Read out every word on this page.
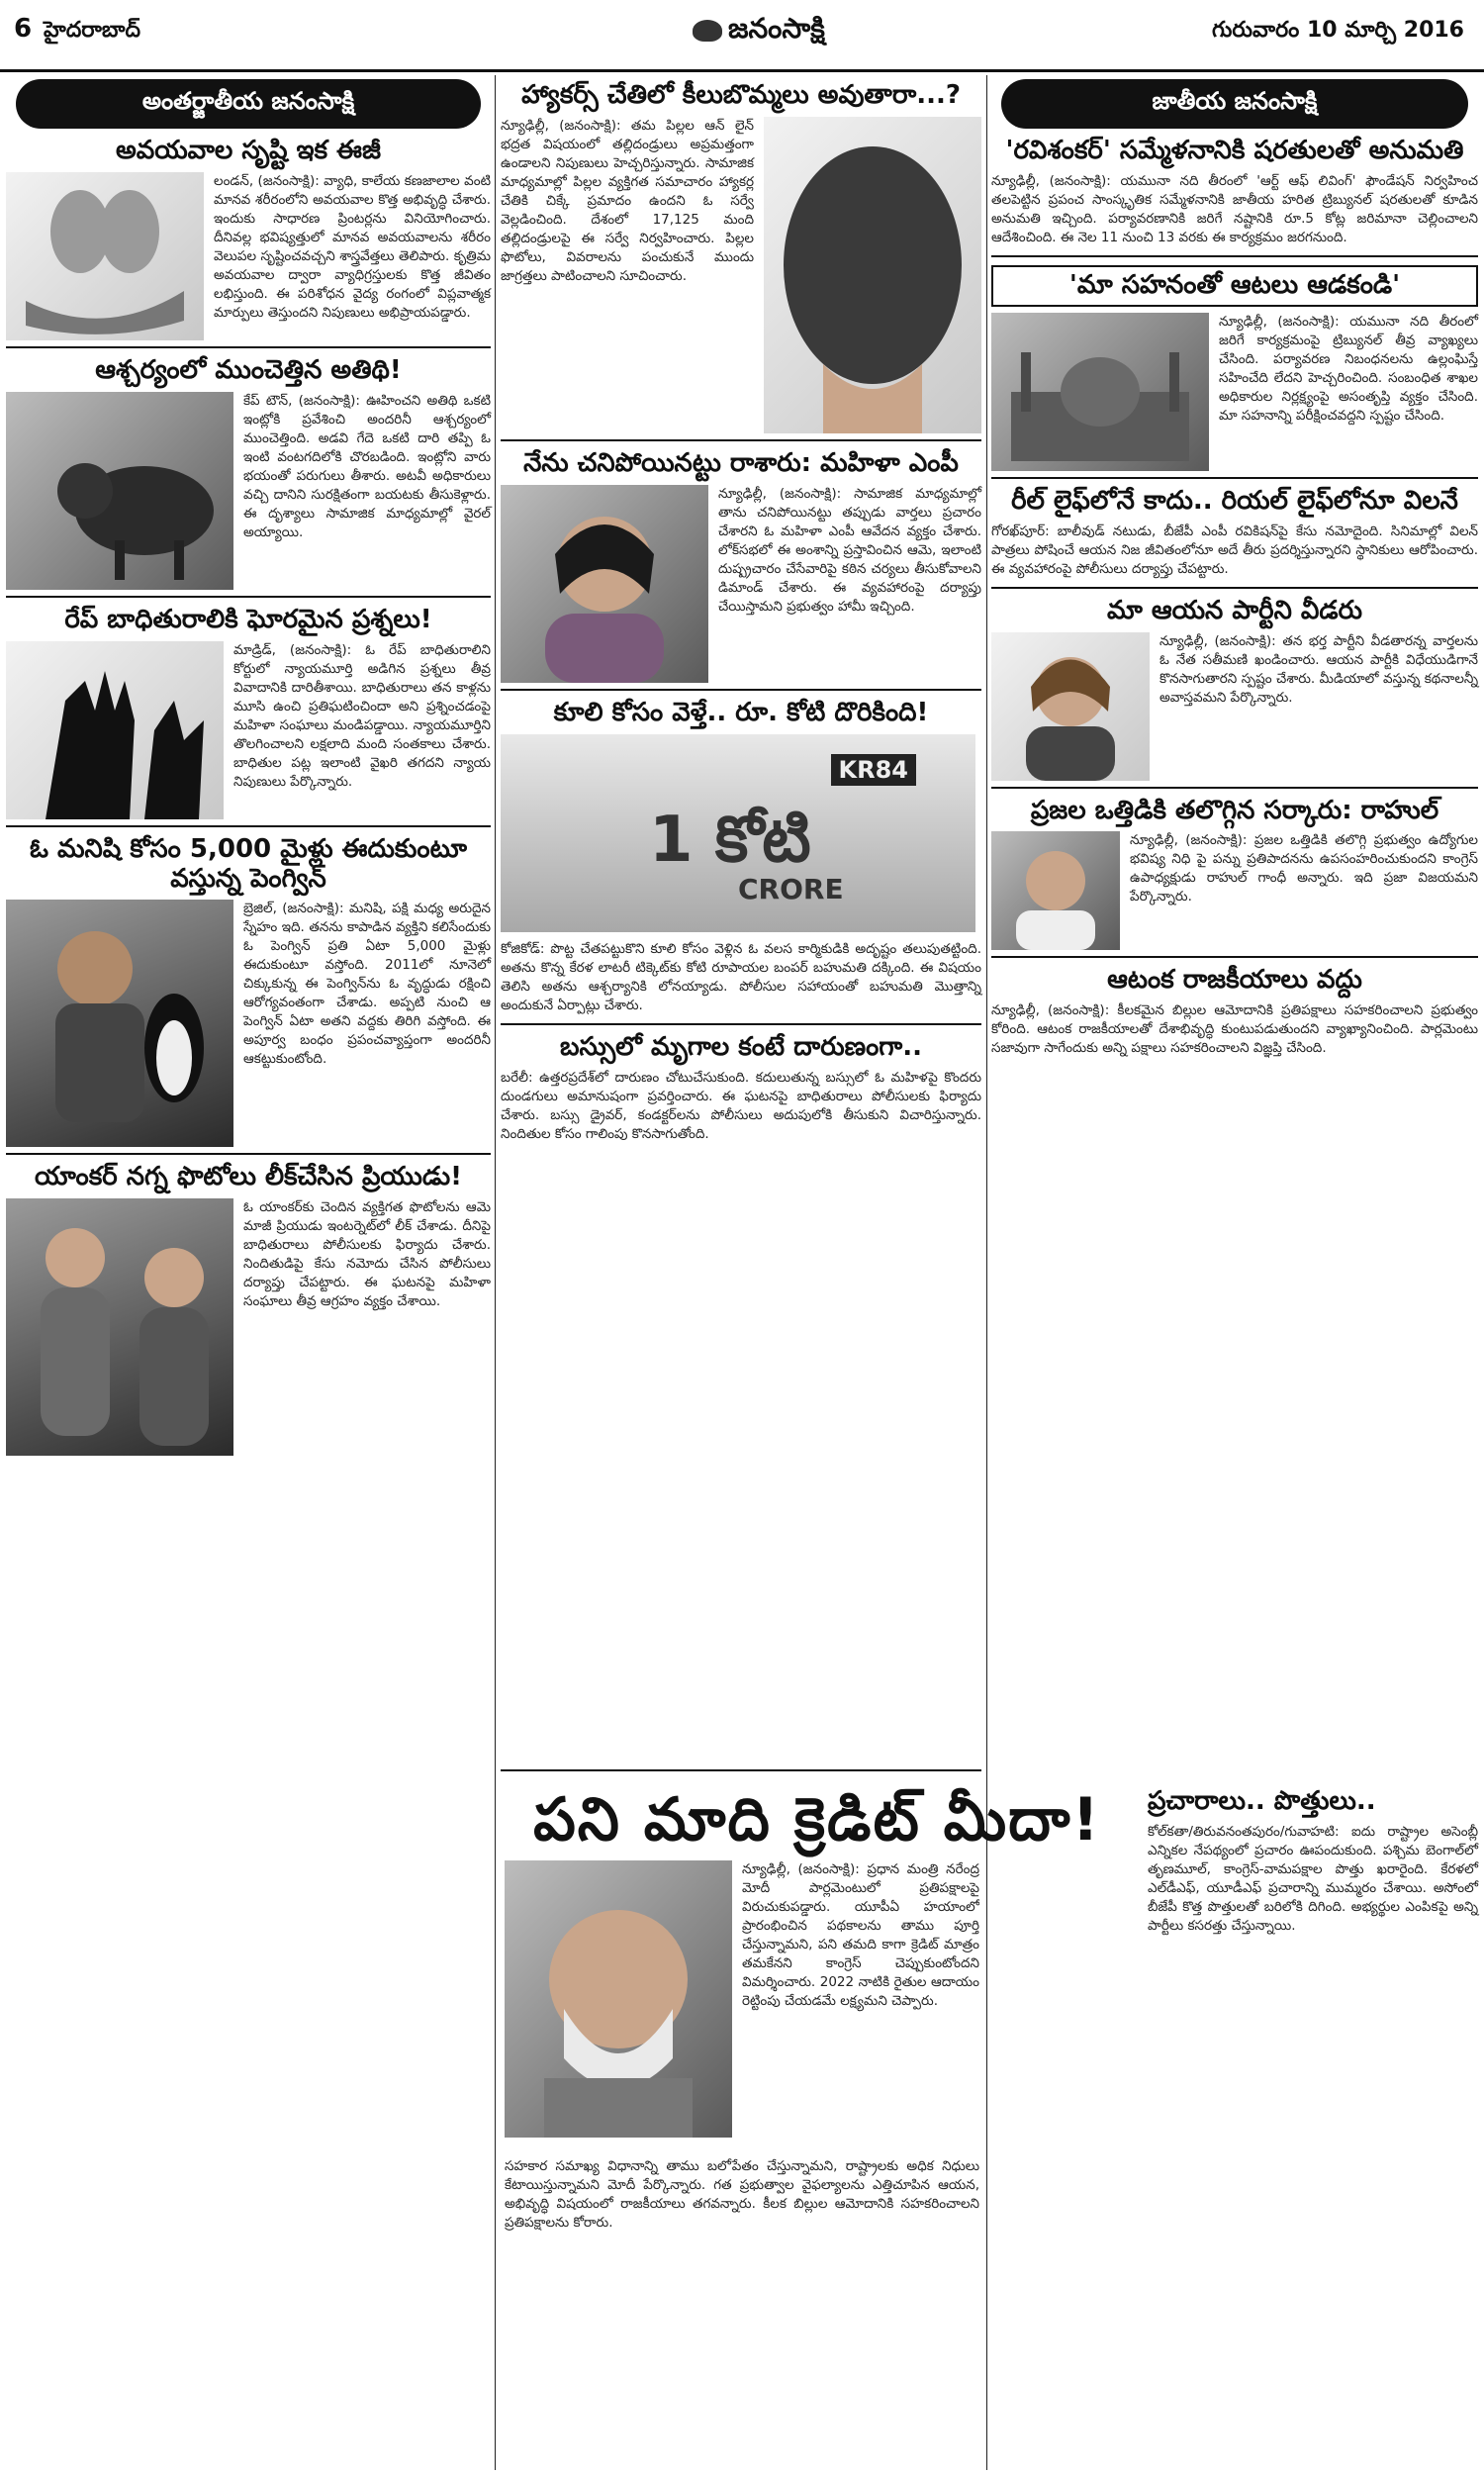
6 హైదరాబాద్	జనంసాక్షి	గురువారం 10 మార్చి 2016
అంతర్జాతీయ జనంసాక్షి
అవయవాల సృష్టి ఇక ఈజీ
లండన్, (జనంసాక్షి): వ్యాధి, కాలేయ కణజాలాల వంటి మానవ శరీరంలోని అవయవాల కొత్త అభివృద్ధి చేశారు. ఇందుకు సాధారణ ప్రింటర్లను వినియోగించారు. దీనివల్ల భవిష్యత్తులో మానవ అవయవాలను శరీరం వెలుపల సృష్టించవచ్చని శాస్త్రవేత్తలు తెలిపారు. కృత్రిమ అవయవాల ద్వారా వ్యాధిగ్రస్తులకు కొత్త జీవితం లభిస్తుంది. ఈ పరిశోధన వైద్య రంగంలో విప్లవాత్మక మార్పులు తెస్తుందని నిపుణులు అభిప్రాయపడ్డారు.
ఆశ్చర్యంలో ముంచెత్తిన అతిథి!
కేప్ టౌన్, (జనంసాక్షి): ఊహించని అతిథి ఒకటి ఇంట్లోకి ప్రవేశించి అందరినీ ఆశ్చర్యంలో ముంచెత్తింది. అడవి గేదె ఒకటి దారి తప్పి ఓ ఇంటి వంటగదిలోకి చొరబడింది. ఇంట్లోని వారు భయంతో పరుగులు తీశారు. అటవీ అధికారులు వచ్చి దానిని సురక్షితంగా బయటకు తీసుకెళ్లారు. ఈ దృశ్యాలు సామాజిక మాధ్యమాల్లో వైరల్ అయ్యాయి.
రేప్ బాధితురాలికి ఘోరమైన ప్రశ్నలు!
మాడ్రిడ్, (జనంసాక్షి): ఓ రేప్ బాధితురాలిని కోర్టులో న్యాయమూర్తి అడిగిన ప్రశ్నలు తీవ్ర వివాదానికి దారితీశాయి. బాధితురాలు తన కాళ్లను మూసి ఉంచి ప్రతిఘటించిందా అని ప్రశ్నించడంపై మహిళా సంఘాలు మండిపడ్డాయి. న్యాయమూర్తిని తొలగించాలని లక్షలాది మంది సంతకాలు చేశారు. బాధితుల పట్ల ఇలాంటి వైఖరి తగదని న్యాయ నిపుణులు పేర్కొన్నారు.
ఓ మనిషి కోసం 5,000 మైళ్లు ఈదుకుంటూ వస్తున్న పెంగ్విన్
బ్రెజిల్, (జనంసాక్షి): మనిషి, పక్షి మధ్య అరుదైన స్నేహం ఇది. తనను కాపాడిన వ్యక్తిని కలిసేందుకు ఓ పెంగ్విన్ ప్రతి ఏటా 5,000 మైళ్లు ఈదుకుంటూ వస్తోంది. 2011లో నూనెలో చిక్కుకున్న ఈ పెంగ్విన్‌ను ఓ వృద్ధుడు రక్షించి ఆరోగ్యవంతంగా చేశాడు. అప్పటి నుంచి ఆ పెంగ్విన్ ఏటా అతని వద్దకు తిరిగి వస్తోంది. ఈ అపూర్వ బంధం ప్రపంచవ్యాప్తంగా అందరినీ ఆకట్టుకుంటోంది.
యాంకర్ నగ్న ఫొటోలు లీక్‌చేసిన ప్రియుడు!
ఓ యాంకర్‌కు చెందిన వ్యక్తిగత ఫొటోలను ఆమె మాజీ ప్రియుడు ఇంటర్నెట్‌లో లీక్ చేశాడు. దీనిపై బాధితురాలు పోలీసులకు ఫిర్యాదు చేశారు. నిందితుడిపై కేసు నమోదు చేసిన పోలీసులు దర్యాప్తు చేపట్టారు. ఈ ఘటనపై మహిళా సంఘాలు తీవ్ర ఆగ్రహం వ్యక్తం చేశాయి.
హ్యాకర్స్ చేతిలో కీలుబొమ్మలు అవుతారా...?
న్యూఢిల్లీ, (జనంసాక్షి): తమ పిల్లల ఆన్ లైన్ భద్రత విషయంలో తల్లిదండ్రులు అప్రమత్తంగా ఉండాలని నిపుణులు హెచ్చరిస్తున్నారు. సామాజిక మాధ్యమాల్లో పిల్లల వ్యక్తిగత సమాచారం హ్యాకర్ల చేతికి చిక్కే ప్రమాదం ఉందని ఓ సర్వే వెల్లడించింది. దేశంలో 17,125 మంది తల్లిదండ్రులపై ఈ సర్వే నిర్వహించారు. పిల్లల ఫొటోలు, వివరాలను పంచుకునే ముందు జాగ్రత్తలు పాటించాలని సూచించారు.
నేను చనిపోయినట్టు రాశారు: మహిళా ఎంపీ
న్యూఢిల్లీ, (జనంసాక్షి): సామాజిక మాధ్యమాల్లో తాను చనిపోయినట్టు తప్పుడు వార్తలు ప్రచారం చేశారని ఓ మహిళా ఎంపీ ఆవేదన వ్యక్తం చేశారు. లోక్‌సభలో ఈ అంశాన్ని ప్రస్తావించిన ఆమె, ఇలాంటి దుష్ప్రచారం చేసేవారిపై కఠిన చర్యలు తీసుకోవాలని డిమాండ్ చేశారు. ఈ వ్యవహారంపై దర్యాప్తు చేయిస్తామని ప్రభుత్వం హామీ ఇచ్చింది.
కూలి కోసం వెళ్తే.. రూ. కోటి దొరికింది!
KR84
1 కోటి
CRORE
కోజికోడ్: పొట్ట చేతపట్టుకొని కూలి కోసం వెళ్లిన ఓ వలస కార్మికుడికి అదృష్టం తలుపుతట్టింది. అతను కొన్న కేరళ లాటరీ టిక్కెట్‌కు కోటి రూపాయల బంపర్ బహుమతి దక్కింది. ఈ విషయం తెలిసి అతను ఆశ్చర్యానికి లోనయ్యాడు. పోలీసుల సహాయంతో బహుమతి మొత్తాన్ని అందుకునే ఏర్పాట్లు చేశారు.
బస్సులో మృగాల కంటే దారుణంగా..
బరేలీ: ఉత్తరప్రదేశ్‌లో దారుణం చోటుచేసుకుంది. కదులుతున్న బస్సులో ఓ మహిళపై కొందరు దుండగులు అమానుషంగా ప్రవర్తించారు. ఈ ఘటనపై బాధితురాలు పోలీసులకు ఫిర్యాదు చేశారు. బస్సు డ్రైవర్, కండక్టర్‌లను పోలీసులు అదుపులోకి తీసుకుని విచారిస్తున్నారు. నిందితుల కోసం గాలింపు కొనసాగుతోంది.
జాతీయ జనంసాక్షి
'రవిశంకర్' సమ్మేళనానికి షరతులతో అనుమతి
న్యూఢిల్లీ, (జనంసాక్షి): యమునా నది తీరంలో 'ఆర్ట్ ఆఫ్ లివింగ్' ఫౌండేషన్ నిర్వహించ తలపెట్టిన ప్రపంచ సాంస్కృతిక సమ్మేళనానికి జాతీయ హరిత ట్రిబ్యునల్ షరతులతో కూడిన అనుమతి ఇచ్చింది. పర్యావరణానికి జరిగే నష్టానికి రూ.5 కోట్ల జరిమానా చెల్లించాలని ఆదేశించింది. ఈ నెల 11 నుంచి 13 వరకు ఈ కార్యక్రమం జరగనుంది.
'మా సహనంతో ఆటలు ఆడకండి'
న్యూఢిల్లీ, (జనంసాక్షి): యమునా నది తీరంలో జరిగే కార్యక్రమంపై ట్రిబ్యునల్ తీవ్ర వ్యాఖ్యలు చేసింది. పర్యావరణ నిబంధనలను ఉల్లంఘిస్తే సహించేది లేదని హెచ్చరించింది. సంబంధిత శాఖల అధికారుల నిర్లక్ష్యంపై అసంతృప్తి వ్యక్తం చేసింది. మా సహనాన్ని పరీక్షించవద్దని స్పష్టం చేసింది.
రీల్ లైఫ్‌లోనే కాదు.. రియల్ లైఫ్‌లోనూ విలనే
గోరఖ్‌పూర్: బాలీవుడ్ నటుడు, బీజేపీ ఎంపీ రవికిషన్‌పై కేసు నమోదైంది. సినిమాల్లో విలన్ పాత్రలు పోషించే ఆయన నిజ జీవితంలోనూ అదే తీరు ప్రదర్శిస్తున్నారని స్థానికులు ఆరోపించారు. ఈ వ్యవహారంపై పోలీసులు దర్యాప్తు చేపట్టారు.
మా ఆయన పార్టీని వీడరు
న్యూఢిల్లీ, (జనంసాక్షి): తన భర్త పార్టీని వీడతారన్న వార్తలను ఓ నేత సతీమణి ఖండించారు. ఆయన పార్టీకి విధేయుడిగానే కొనసాగుతారని స్పష్టం చేశారు. మీడియాలో వస్తున్న కథనాలన్నీ అవాస్తవమని పేర్కొన్నారు.
ప్రజల ఒత్తిడికి తలొగ్గిన సర్కారు: రాహుల్
న్యూఢిల్లీ, (జనంసాక్షి): ప్రజల ఒత్తిడికి తలొగ్గి ప్రభుత్వం ఉద్యోగుల భవిష్య నిధి పై పన్ను ప్రతిపాదనను ఉపసంహరించుకుందని కాంగ్రెస్ ఉపాధ్యక్షుడు రాహుల్ గాంధీ అన్నారు. ఇది ప్రజా విజయమని పేర్కొన్నారు.
ఆటంక రాజకీయాలు వద్దు
న్యూఢిల్లీ, (జనంసాక్షి): కీలకమైన బిల్లుల ఆమోదానికి ప్రతిపక్షాలు సహకరించాలని ప్రభుత్వం కోరింది. ఆటంక రాజకీయాలతో దేశాభివృద్ధి కుంటుపడుతుందని వ్యాఖ్యానించింది. పార్లమెంటు సజావుగా సాగేందుకు అన్ని పక్షాలు సహకరించాలని విజ్ఞప్తి చేసింది.
పని మాది క్రెడిట్ మీదా!
న్యూఢిల్లీ, (జనంసాక్షి): ప్రధాన మంత్రి నరేంద్ర మోదీ పార్లమెంటులో ప్రతిపక్షాలపై విరుచుకుపడ్డారు. యూపీఏ హయాంలో ప్రారంభించిన పథకాలను తాము పూర్తి చేస్తున్నామని, పని తమది కాగా క్రెడిట్ మాత్రం తమకేనని కాంగ్రెస్ చెప్పుకుంటోందని విమర్శించారు. 2022 నాటికి రైతుల ఆదాయం రెట్టింపు చేయడమే లక్ష్యమని చెప్పారు.
సహకార సమాఖ్య విధానాన్ని తాము బలోపేతం చేస్తున్నామని, రాష్ట్రాలకు అధిక నిధులు కేటాయిస్తున్నామని మోదీ పేర్కొన్నారు. గత ప్రభుత్వాల వైఫల్యాలను ఎత్తిచూపిన ఆయన, అభివృద్ధి విషయంలో రాజకీయాలు తగవన్నారు. కీలక బిల్లుల ఆమోదానికి సహకరించాలని ప్రతిపక్షాలను కోరారు.
ప్రచారాలు.. పొత్తులు..
కోల్‌కతా/తిరువనంతపురం/గువాహటి: ఐదు రాష్ట్రాల అసెంబ్లీ ఎన్నికల నేపథ్యంలో ప్రచారం ఊపందుకుంది. పశ్చిమ బెంగాల్‌లో తృణమూల్, కాంగ్రెస్-వామపక్షాల పొత్తు ఖరారైంది. కేరళలో ఎల్‌డీఎఫ్, యూడీఎఫ్ ప్రచారాన్ని ముమ్మరం చేశాయి. అసోంలో బీజేపీ కొత్త పొత్తులతో బరిలోకి దిగింది. అభ్యర్థుల ఎంపికపై అన్ని పార్టీలు కసరత్తు చేస్తున్నాయి.
